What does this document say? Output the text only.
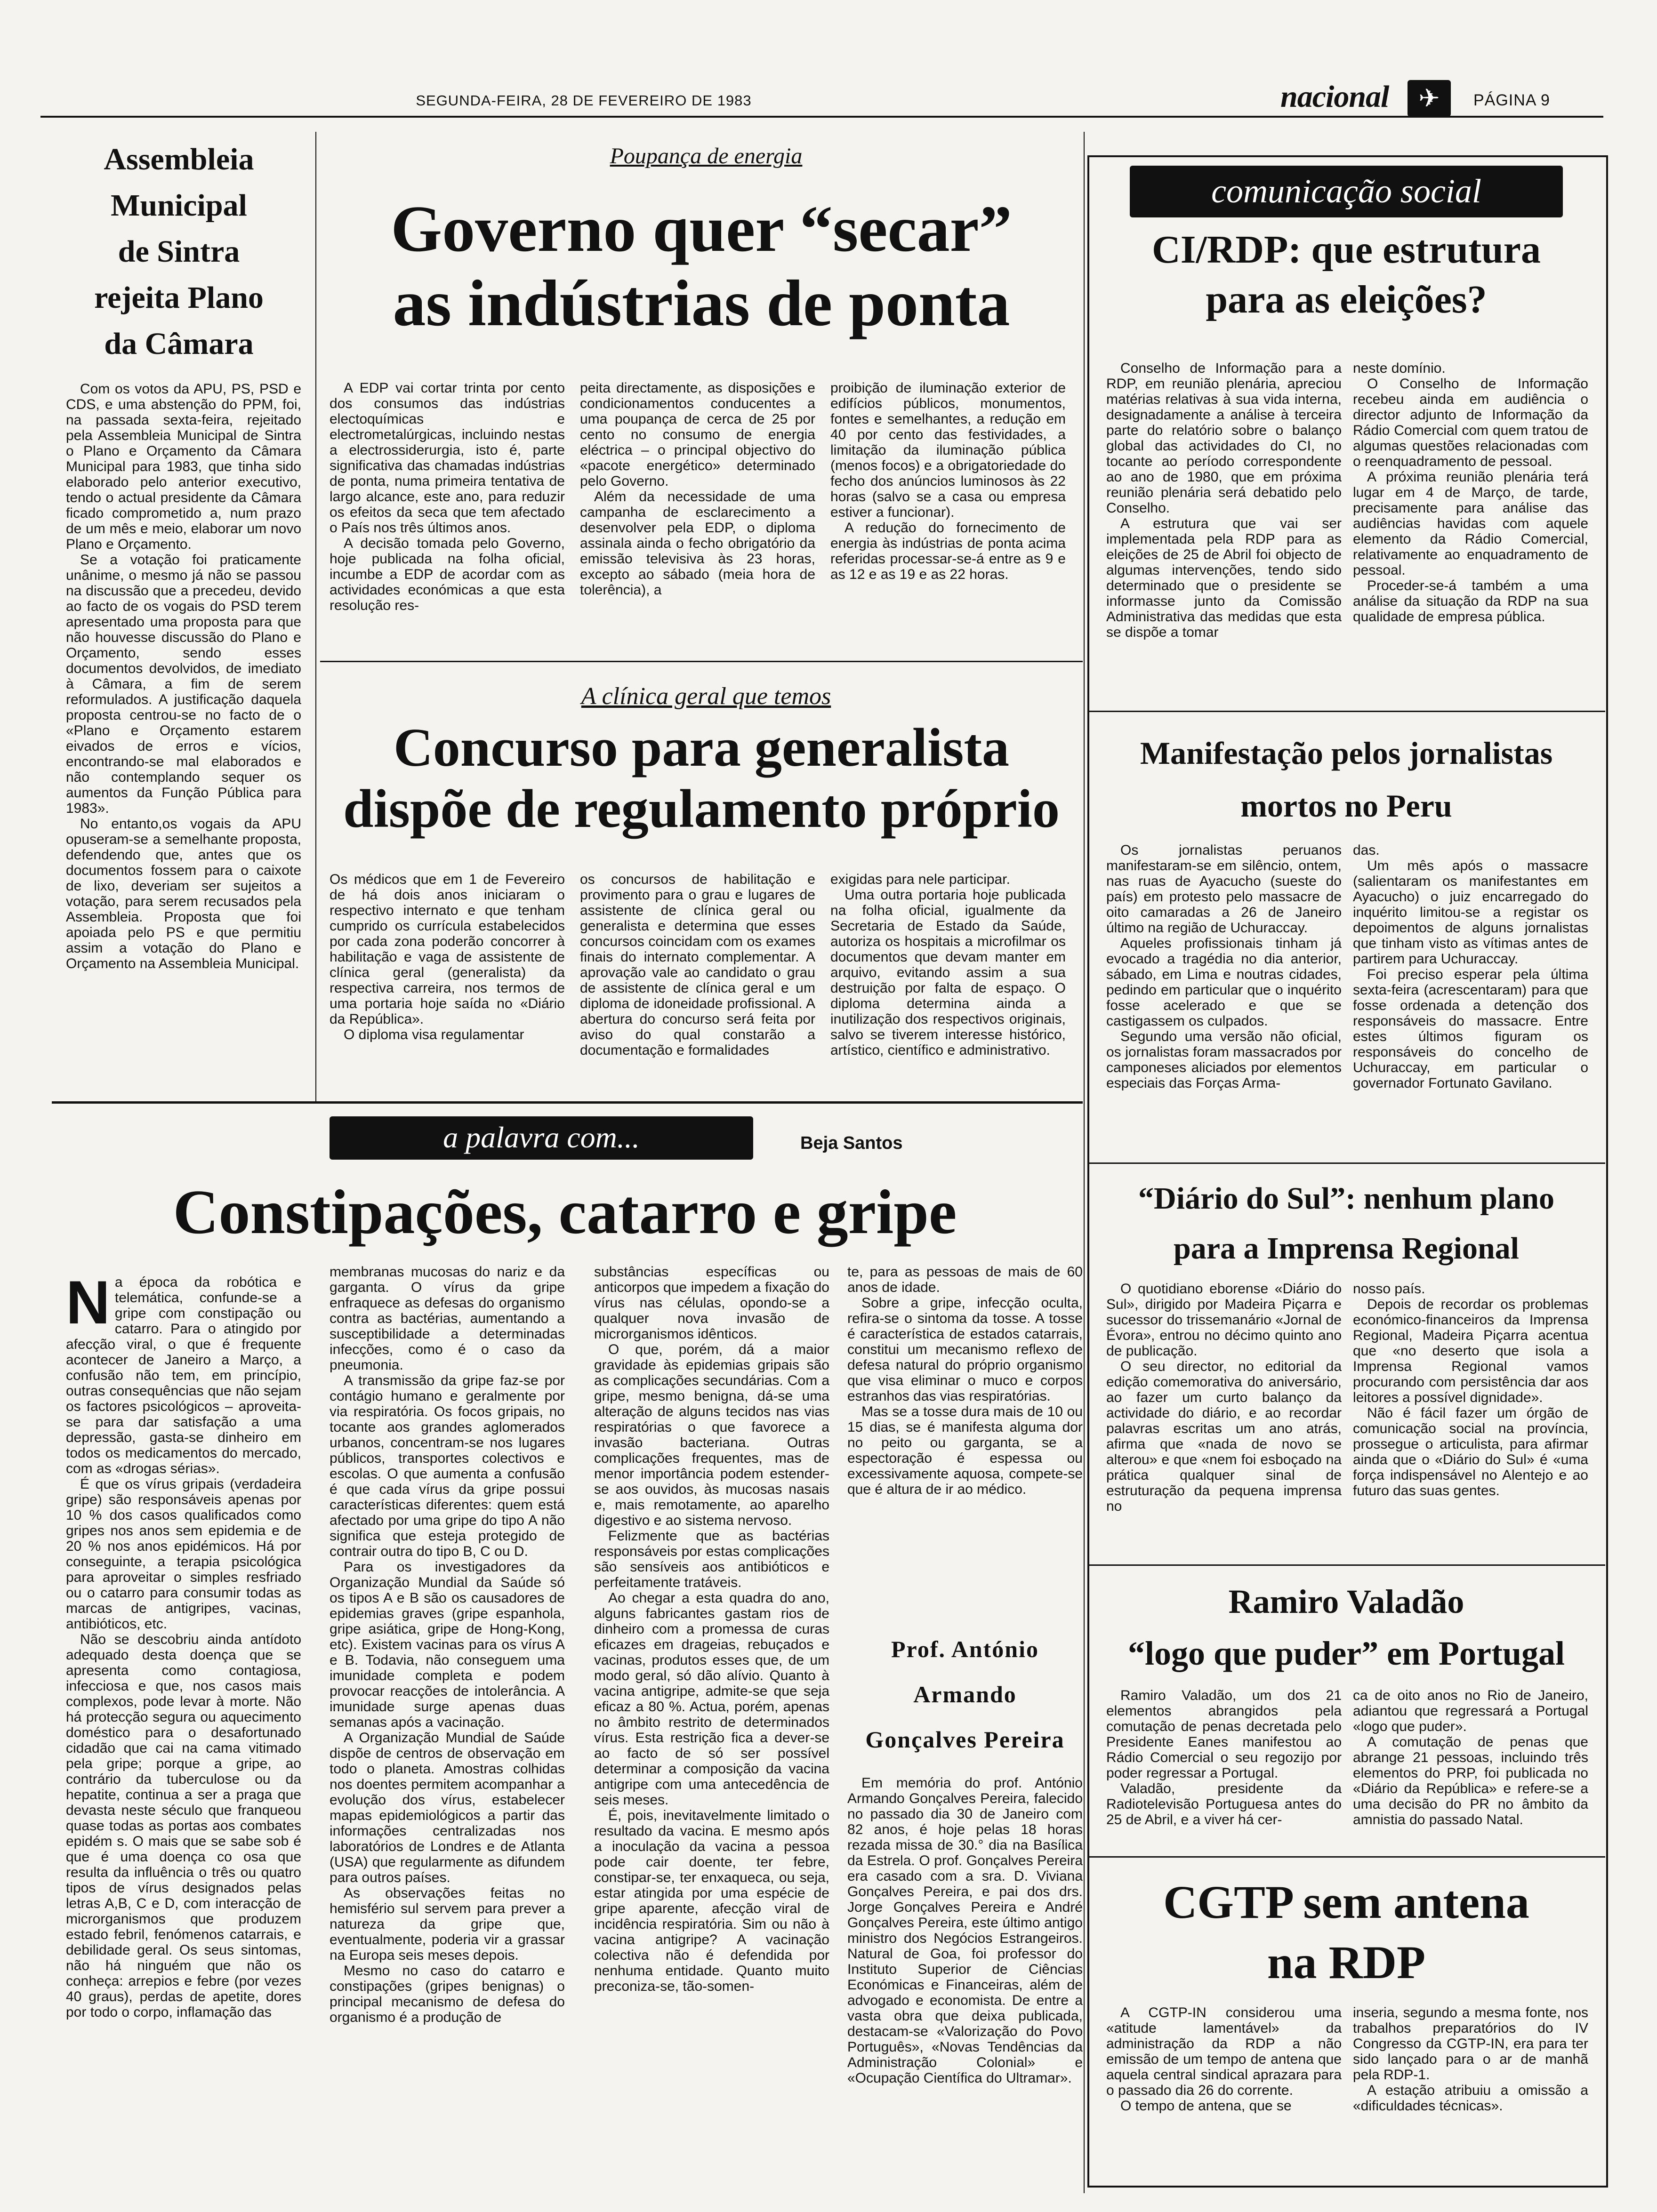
SEGUNDA-FEIRA, 28 DE FEVEREIRO DE 1983	nacional	✈	PÁGINA 9
Assembleia
Municipal
de Sintra
rejeita Plano
da Câmara

Com os votos da APU, PS, PSD e CDS, e uma abstenção do PPM, foi, na passada sexta-feira, rejeitado pela Assembleia Municipal de Sintra o Plano e Orçamento da Câmara Municipal para 1983, que tinha sido elaborado pelo anterior executivo, tendo o actual presidente da Câmara ficado comprometido a, num prazo de um mês e meio, elaborar um novo Plano e Orçamento.

Se a votação foi praticamente unânime, o mesmo já não se passou na discussão que a precedeu, devido ao facto de os vogais do PSD terem apresentado uma proposta para que não houvesse discussão do Plano e Orçamento, sendo esses documentos devolvidos, de imediato à Câmara, a fim de serem reformulados. A justificação daquela proposta centrou-se no facto de o «Plano e Orçamento estarem eivados de erros e vícios, encontrando-se mal elaborados e não contemplando sequer os aumentos da Função Pública para 1983».

No entanto,os vogais da APU opuseram-se a semelhante proposta, defendendo que, antes que os documentos fossem para o caixote de lixo, deveriam ser sujeitos a votação, para serem recusados pela Assembleia. Proposta que foi apoiada pelo PS e que permitiu assim a votação do Plano e Orçamento na Assembleia Municipal.

Poupança de energia
Governo quer “secar”
as indústrias de ponta

A EDP vai cortar trinta por cento dos consumos das indústrias electoquímicas e electrometalúrgicas, incluindo nestas a electrossiderurgia, isto é, parte significativa das chamadas indústrias de ponta, numa primeira tentativa de largo alcance, este ano, para reduzir os efeitos da seca que tem afectado o País nos três últimos anos.

A decisão tomada pelo Governo, hoje publicada na folha oficial, incumbe a EDP de acordar com as actividades económicas a que esta resolução res-

peita directamente, as disposições e condicionamentos conducentes a uma poupança de cerca de 25 por cento no consumo de energia eléctrica – o principal objectivo do «pacote energético» determinado pelo Governo.

Além da necessidade de uma campanha de esclarecimento a desenvolver pela EDP, o diploma assinala ainda o fecho obrigatório da emissão televisiva às 23 horas, excepto ao sábado (meia hora de tolerência), a

proibição de iluminação exterior de edifícios públicos, monumentos, fontes e semelhantes, a redução em 40 por cento das festividades, a limitação da iluminação pública (menos focos) e a obrigatoriedade do fecho dos anúncios luminosos às 22 horas (salvo se a casa ou empresa estiver a funcionar).

A redução do fornecimento de energia às indústrias de ponta acima referidas processar-se-á entre as 9 e as 12 e as 19 e as 22 horas.

A clínica geral que temos
Concurso para generalista
dispõe de regulamento próprio

Os médicos que em 1 de Fevereiro de há dois anos iniciaram o respectivo internato e que tenham cumprido os currícula estabelecidos por cada zona poderão concorrer à habilitação e vaga de assistente de clínica geral (generalista) da respectiva carreira, nos termos de uma portaria hoje saída no «Diário da República».

O diploma visa regulamentar

os concursos de habilitação e provimento para o grau e lugares de assistente de clínica geral ou generalista e determina que esses concursos coincidam com os exames finais do internato complementar. A aprovação vale ao candidato o grau de assistente de clínica geral e um diploma de idoneidade profissional. A abertura do concurso será feita por aviso do qual constarão a documentação e formalidades

exigidas para nele participar.

Uma outra portaria hoje publicada na folha oficial, igualmente da Secretaria de Estado da Saúde, autoriza os hospitais a microfilmar os documentos que devam manter em arquivo, evitando assim a sua destruição por falta de espaço. O diploma determina ainda a inutilização dos respectivos originais, salvo se tiverem interesse histórico, artístico, científico e administrativo.

a palavra com...	Beja Santos
Constipações, catarro e gripe

Na época da robótica e telemática, confunde-se a gripe com constipação ou catarro. Para o atingido por afecção viral, o que é frequente acontecer de Janeiro a Março, a confusão não tem, em princípio, outras consequências que não sejam os factores psicológicos – aproveita-se para dar satisfação a uma depressão, gasta-se dinheiro em todos os medicamentos do mercado, com as «drogas sérias».

É que os vírus gripais (verdadeira gripe) são responsáveis apenas por 10 % dos casos qualificados como gripes nos anos sem epidemia e de 20 % nos anos epidémicos. Há por conseguinte, a terapia psicológica para aproveitar o simples resfriado ou o catarro para consumir todas as marcas de antigripes, vacinas, antibióticos, etc.

Não se descobriu ainda antídoto adequado desta doença que se apresenta como contagiosa, infecciosa e que, nos casos mais complexos, pode levar à morte. Não há protecção segura ou aquecimento doméstico para o desafortunado cidadão que cai na cama vitimado pela gripe; porque a gripe, ao contrário da tuberculose ou da hepatite, continua a ser a praga que devasta neste século que franqueou quase todas as portas aos combates epidém s. O mais que se sabe sob é que é uma doença co osa que resulta da influência o três ou quatro tipos de vírus designados pelas letras A,B, C e D, com interacção de microrganismos que produzem estado febril, fenómenos catarrais, e debilidade geral. Os seus sintomas, não há ninguém que não os conheça: arrepios e febre (por vezes 40 graus), perdas de apetite, dores por todo o corpo, inflamação das

membranas mucosas do nariz e da garganta. O vírus da gripe enfraquece as defesas do organismo contra as bactérias, aumentando a susceptibilidade a determinadas infecções, como é o caso da pneumonia.

A transmissão da gripe faz-se por contágio humano e geralmente por via respiratória. Os focos gripais, no tocante aos grandes aglomerados urbanos, concentram-se nos lugares públicos, transportes colectivos e escolas. O que aumenta a confusão é que cada vírus da gripe possui características diferentes: quem está afectado por uma gripe do tipo A não significa que esteja protegido de contrair outra do tipo B, C ou D.

Para os investigadores da Organização Mundial da Saúde só os tipos A e B são os causadores de epidemias graves (gripe espanhola, gripe asiática, gripe de Hong-Kong, etc). Existem vacinas para os vírus A e B. Todavia, não conseguem uma imunidade completa e podem provocar reacções de intolerância. A imunidade surge apenas duas semanas após a vacinação.

A Organização Mundial de Saúde dispõe de centros de observação em todo o planeta. Amostras colhidas nos doentes permitem acompanhar a evolução dos vírus, estabelecer mapas epidemiológicos a partir das informações centralizadas nos laboratórios de Londres e de Atlanta (USA) que regularmente as difundem para outros países.

As observações feitas no hemisfério sul servem para prever a natureza da gripe que, eventualmente, poderia vir a grassar na Europa seis meses depois.

Mesmo no caso do catarro e constipações (gripes benignas) o principal mecanismo de defesa do organismo é a produção de

substâncias específicas ou anticorpos que impedem a fixação do vírus nas células, opondo-se a qualquer nova invasão de microrganismos idênticos.

O que, porém, dá a maior gravidade às epidemias gripais são as complicações secundárias. Com a gripe, mesmo benigna, dá-se uma alteração de alguns tecidos nas vias respiratórias o que favorece a invasão bacteriana. Outras complicações frequentes, mas de menor importância podem estender-se aos ouvidos, às mucosas nasais e, mais remotamente, ao aparelho digestivo e ao sistema nervoso.

Felizmente que as bactérias responsáveis por estas complicações são sensíveis aos antibióticos e perfeitamente tratáveis.

Ao chegar a esta quadra do ano, alguns fabricantes gastam rios de dinheiro com a promessa de curas eficazes em drageias, rebuçados e vacinas, produtos esses que, de um modo geral, só dão alívio. Quanto à vacina antigripe, admite-se que seja eficaz a 80 %. Actua, porém, apenas no âmbito restrito de determinados vírus. Esta restrição fica a dever-se ao facto de só ser possível determinar a composição da vacina antigripe com uma antecedência de seis meses.

É, pois, inevitavelmente limitado o resultado da vacina. E mesmo após a inoculação da vacina a pessoa pode cair doente, ter febre, constipar-se, ter enxaqueca, ou seja, estar atingida por uma espécie de gripe aparente, afecção viral de incidência respiratória. Sim ou não à vacina antigripe? A vacinação colectiva não é defendida por nenhuma entidade. Quanto muito preconiza-se, tão-somen-

te, para as pessoas de mais de 60 anos de idade.

Sobre a gripe, infecção oculta, refira-se o sintoma da tosse. A tosse é característica de estados catarrais, constitui um mecanismo reflexo de defesa natural do próprio organismo que visa eliminar o muco e corpos estranhos das vias respiratórias.

Mas se a tosse dura mais de 10 ou 15 dias, se é manifesta alguma dor no peito ou garganta, se a espectoração é espessa ou excessivamente aquosa, compete-se que é altura de ir ao médico.

Prof. António
Armando
Gonçalves Pereira

Em memória do prof. António Armando Gonçalves Pereira, falecido no passado dia 30 de Janeiro com 82 anos, é hoje pelas 18 horas rezada missa de 30.° dia na Basílica da Estrela. O prof. Gonçalves Pereira era casado com a sra. D. Viviana Gonçalves Pereira, e pai dos drs. Jorge Gonçalves Pereira e André Gonçalves Pereira, este último antigo ministro dos Negócios Estrangeiros. Natural de Goa, foi professor do Instituto Superior de Ciências Económicas e Financeiras, além de advogado e economista. De entre a vasta obra que deixa publicada, destacam-se «Valorização do Povo Português», «Novas Tendências da Administração Colonial» e «Ocupação Científica do Ultramar».

comunicação social
CI/RDP: que estrutura
para as eleições?

Conselho de Informação para a RDP, em reunião plenária, apreciou matérias relativas à sua vida interna, designadamente a análise à terceira parte do relatório sobre o balanço global das actividades do CI, no tocante ao período correspondente ao ano de 1980, que em próxima reunião plenária será debatido pelo Conselho.

A estrutura que vai ser implementada pela RDP para as eleições de 25 de Abril foi objecto de algumas intervenções, tendo sido determinado que o presidente se informasse junto da Comissão Administrativa das medidas que esta se dispõe a tomar

neste domínio.

O Conselho de Informação recebeu ainda em audiência o director adjunto de Informação da Rádio Comercial com quem tratou de algumas questões relacionadas com o reenquadramento de pessoal.

A próxima reunião plenária terá lugar em 4 de Março, de tarde, precisamente para análise das audiências havidas com aquele elemento da Rádio Comercial, relativamente ao enquadramento de pessoal.

Proceder-se-á também a uma análise da situação da RDP na sua qualidade de empresa pública.

Manifestação pelos jornalistas
mortos no Peru

Os jornalistas peruanos manifestaram-se em silêncio, ontem, nas ruas de Ayacucho (sueste do país) em protesto pelo massacre de oito camaradas a 26 de Janeiro último na região de Uchuraccay.

Aqueles profissionais tinham já evocado a tragédia no dia anterior, sábado, em Lima e noutras cidades, pedindo em particular que o inquérito fosse acelerado e que se castigassem os culpados.

Segundo uma versão não oficial, os jornalistas foram massacrados por camponeses aliciados por elementos especiais das Forças Arma-

das.

Um mês após o massacre (salientaram os manifestantes em Ayacucho) o juiz encarregado do inquérito limitou-se a registar os depoimentos de alguns jornalistas que tinham visto as vítimas antes de partirem para Uchuraccay.

Foi preciso esperar pela última sexta-feira (acrescentaram) para que fosse ordenada a detenção dos responsáveis do massacre. Entre estes últimos figuram os responsáveis do concelho de Uchuraccay, em particular o governador Fortunato Gavilano.

“Diário do Sul”: nenhum plano
para a Imprensa Regional

O quotidiano eborense «Diário do Sul», dirigido por Madeira Piçarra e sucessor do trissemanário «Jornal de Évora», entrou no décimo quinto ano de publicação.

O seu director, no editorial da edição comemorativa do aniversário, ao fazer um curto balanço da actividade do diário, e ao recordar palavras escritas um ano atrás, afirma que «nada de novo se alterou» e que «nem foi esboçado na prática qualquer sinal de estruturação da pequena imprensa no

nosso país.

Depois de recordar os problemas económico-financeiros da Imprensa Regional, Madeira Piçarra acentua que «no deserto que isola a Imprensa Regional vamos procurando com persistência dar aos leitores a possível dignidade».

Não é fácil fazer um órgão de comunicação social na província, prossegue o articulista, para afirmar ainda que o «Diário do Sul» é «uma força indispensável no Alentejo e ao futuro das suas gentes.

Ramiro Valadão
“logo que puder” em Portugal

Ramiro Valadão, um dos 21 elementos abrangidos pela comutação de penas decretada pelo Presidente Eanes manifestou ao Rádio Comercial o seu regozijo por poder regressar a Portugal.

Valadão, presidente da Radiotelevisão Portuguesa antes do 25 de Abril, e a viver há cer-

ca de oito anos no Rio de Janeiro, adiantou que regressará a Portugal «logo que puder».

A comutação de penas que abrange 21 pessoas, incluindo três elementos do PRP, foi publicada no «Diário da República» e refere-se a uma decisão do PR no âmbito da amnistia do passado Natal.

CGTP sem antena
na RDP

A CGTP-IN considerou uma «atitude lamentável» da administração da RDP a não emissão de um tempo de antena que aquela central sindical aprazara para o passado dia 26 do corrente.

O tempo de antena, que se

inseria, segundo a mesma fonte, nos trabalhos preparatórios do IV Congresso da CGTP-IN, era para ter sido lançado para o ar de manhã pela RDP-1.

A estação atribuiu a omissão a «dificuldades técnicas».
